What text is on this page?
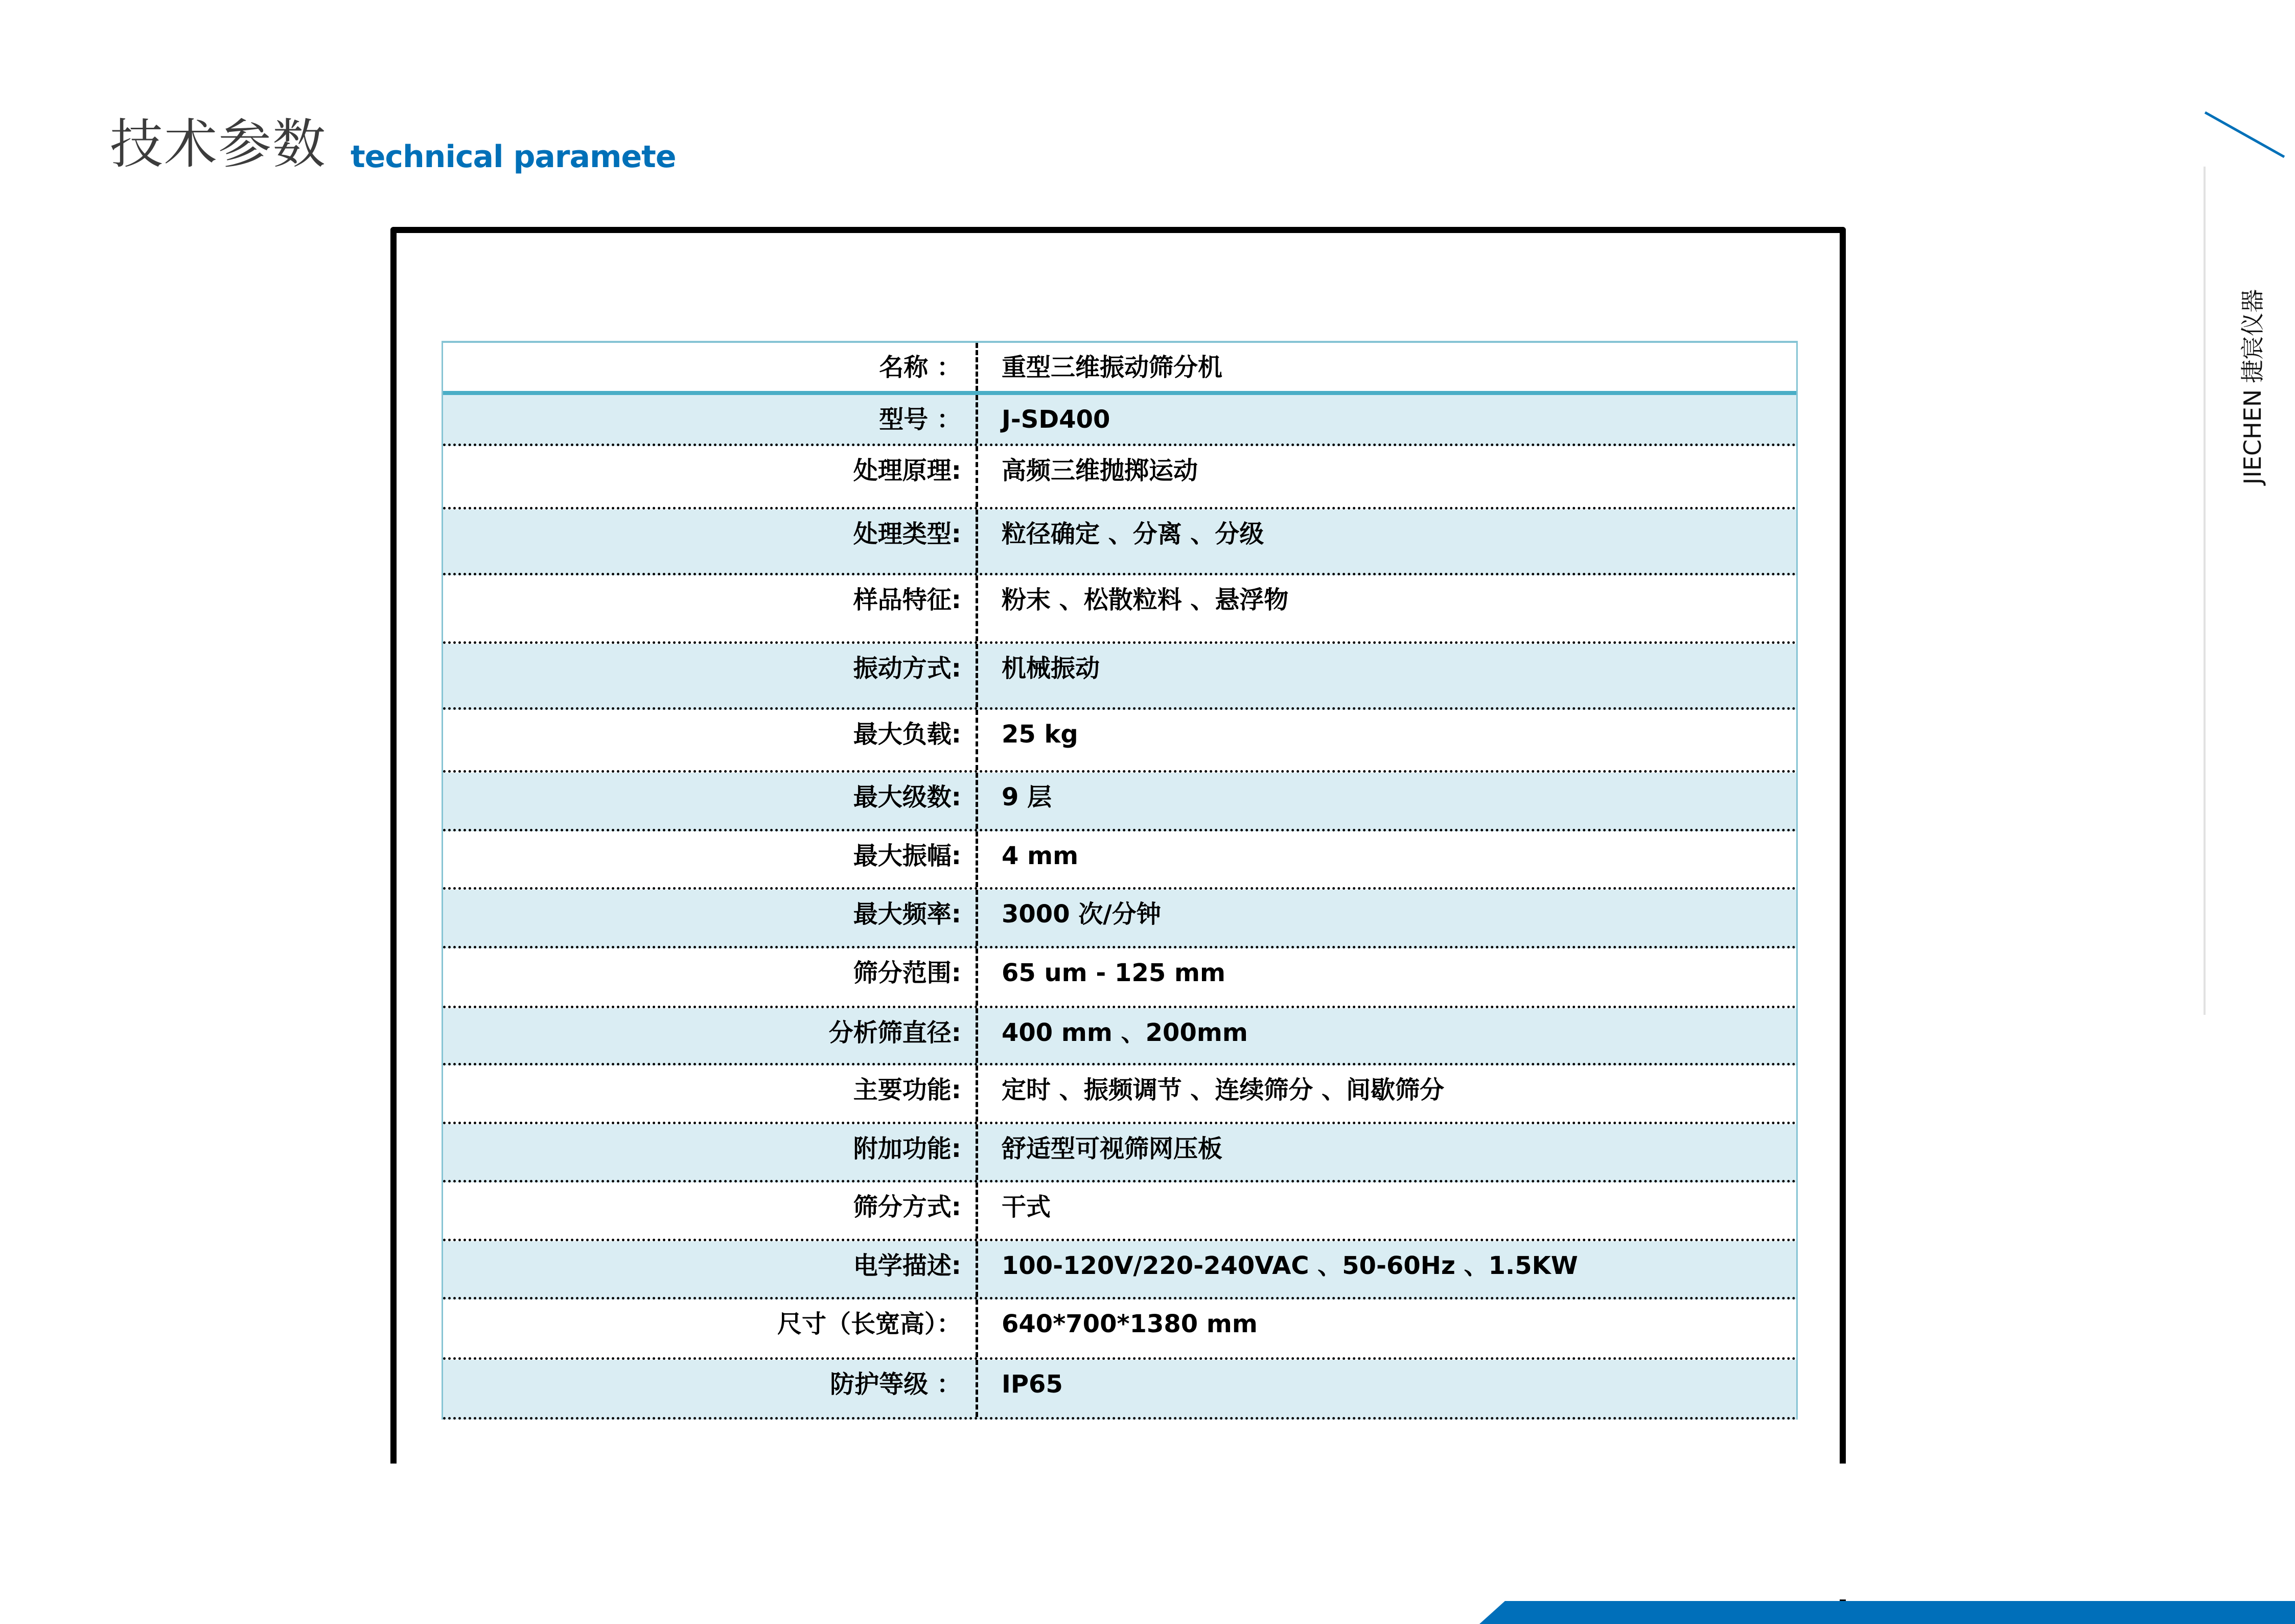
技术参数 technical paramete
JIECHEN捷宸仪器
名称 ：	重型三维振动筛分机
型号 ：	J-SD400
处理原理:	高频三维抛掷运动
处理类型:	粒径确定 、分离 、分级
样品特征:	粉末 、松散粒料 、悬浮物
振动方式:	机械振动
最大负载:	25 kg
最大级数:	9 层
最大振幅:	4 mm
最大频率:	3000 次/分钟
筛分范围:	65 um - 125 mm
分析筛直径:	400 mm 、200mm
主要功能:	定时 、振频调节 、连续筛分 、间歇筛分
附加功能:	舒适型可视筛网压板
筛分方式:	干式
电学描述:	100-120V/220-240VAC 、50-60Hz 、1.5KW
尺寸（长宽高）：	640*700*1380 mm
防护等级 ：	IP65
